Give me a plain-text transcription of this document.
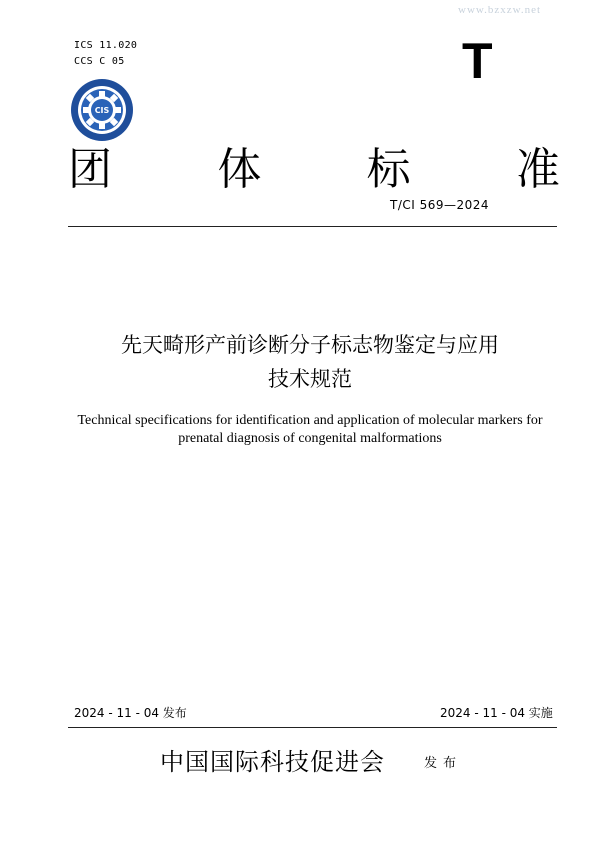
www.bzxzw.net
ICS 11.020
CCS C 05	T
CIS
团 体 标 准
T/CI 569—2024
先天畸形产前诊断分子标志物鉴定与应用
技术规范
Technical specifications for identification and application of molecular markers for
prenatal diagnosis of congenital malformations
2024 - 11 - 04 发布	2024 - 11 - 04 实施
中国国际科技促进会	发布
